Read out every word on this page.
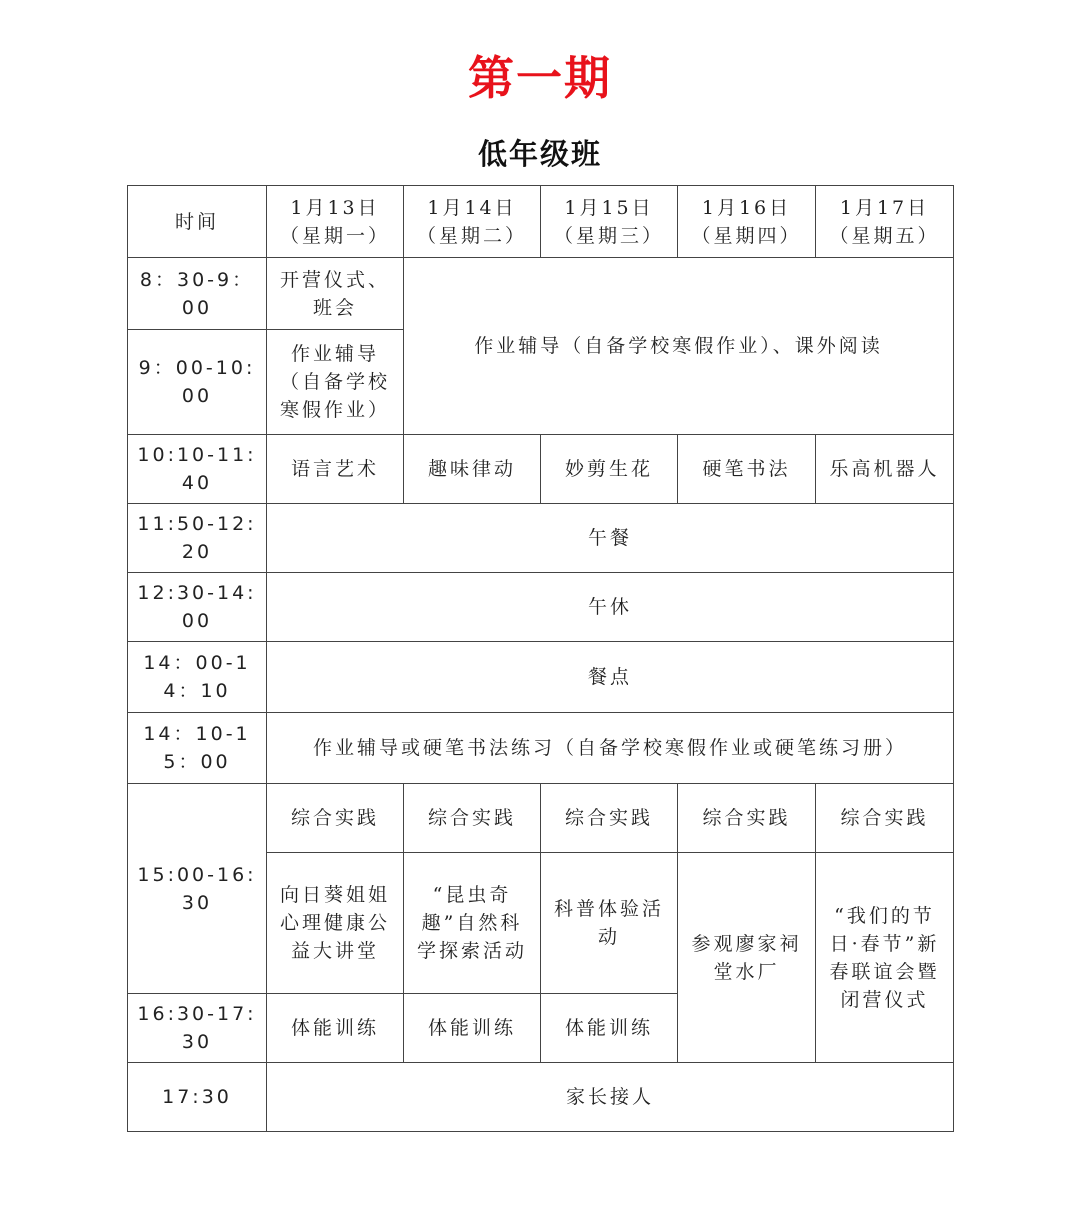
第一期
低年级班
时间	1月13日（星期一）	1月14日（星期二）	1月15日（星期三）	1月16日（星期四）	1月17日（星期五）
8：30-9：00	开营仪式、班会	作业辅导（自备学校寒假作业）、课外阅读			
9：00-10:00	作业辅导（自备学校寒假作业）				
10:10-11:40	语言艺术	趣味律动	妙剪生花	硬笔书法	乐高机器人
11:50-12:20	午餐				
12:30-14:00	午休				
14：00-14：10	餐点				
14：10-15：00	作业辅导或硬笔书法练习（自备学校寒假作业或硬笔练习册）				
15:00-16:30	综合实践	综合实践	综合实践	综合实践	综合实践
	向日葵姐姐心理健康公益大讲堂	“昆虫奇趣”自然科学探索活动	科普体验活动	参观廖家祠堂水厂	“我们的节日·春节”新春联谊会暨闭营仪式
16:30-17:30	体能训练	体能训练	体能训练		
17:30	家长接人				
